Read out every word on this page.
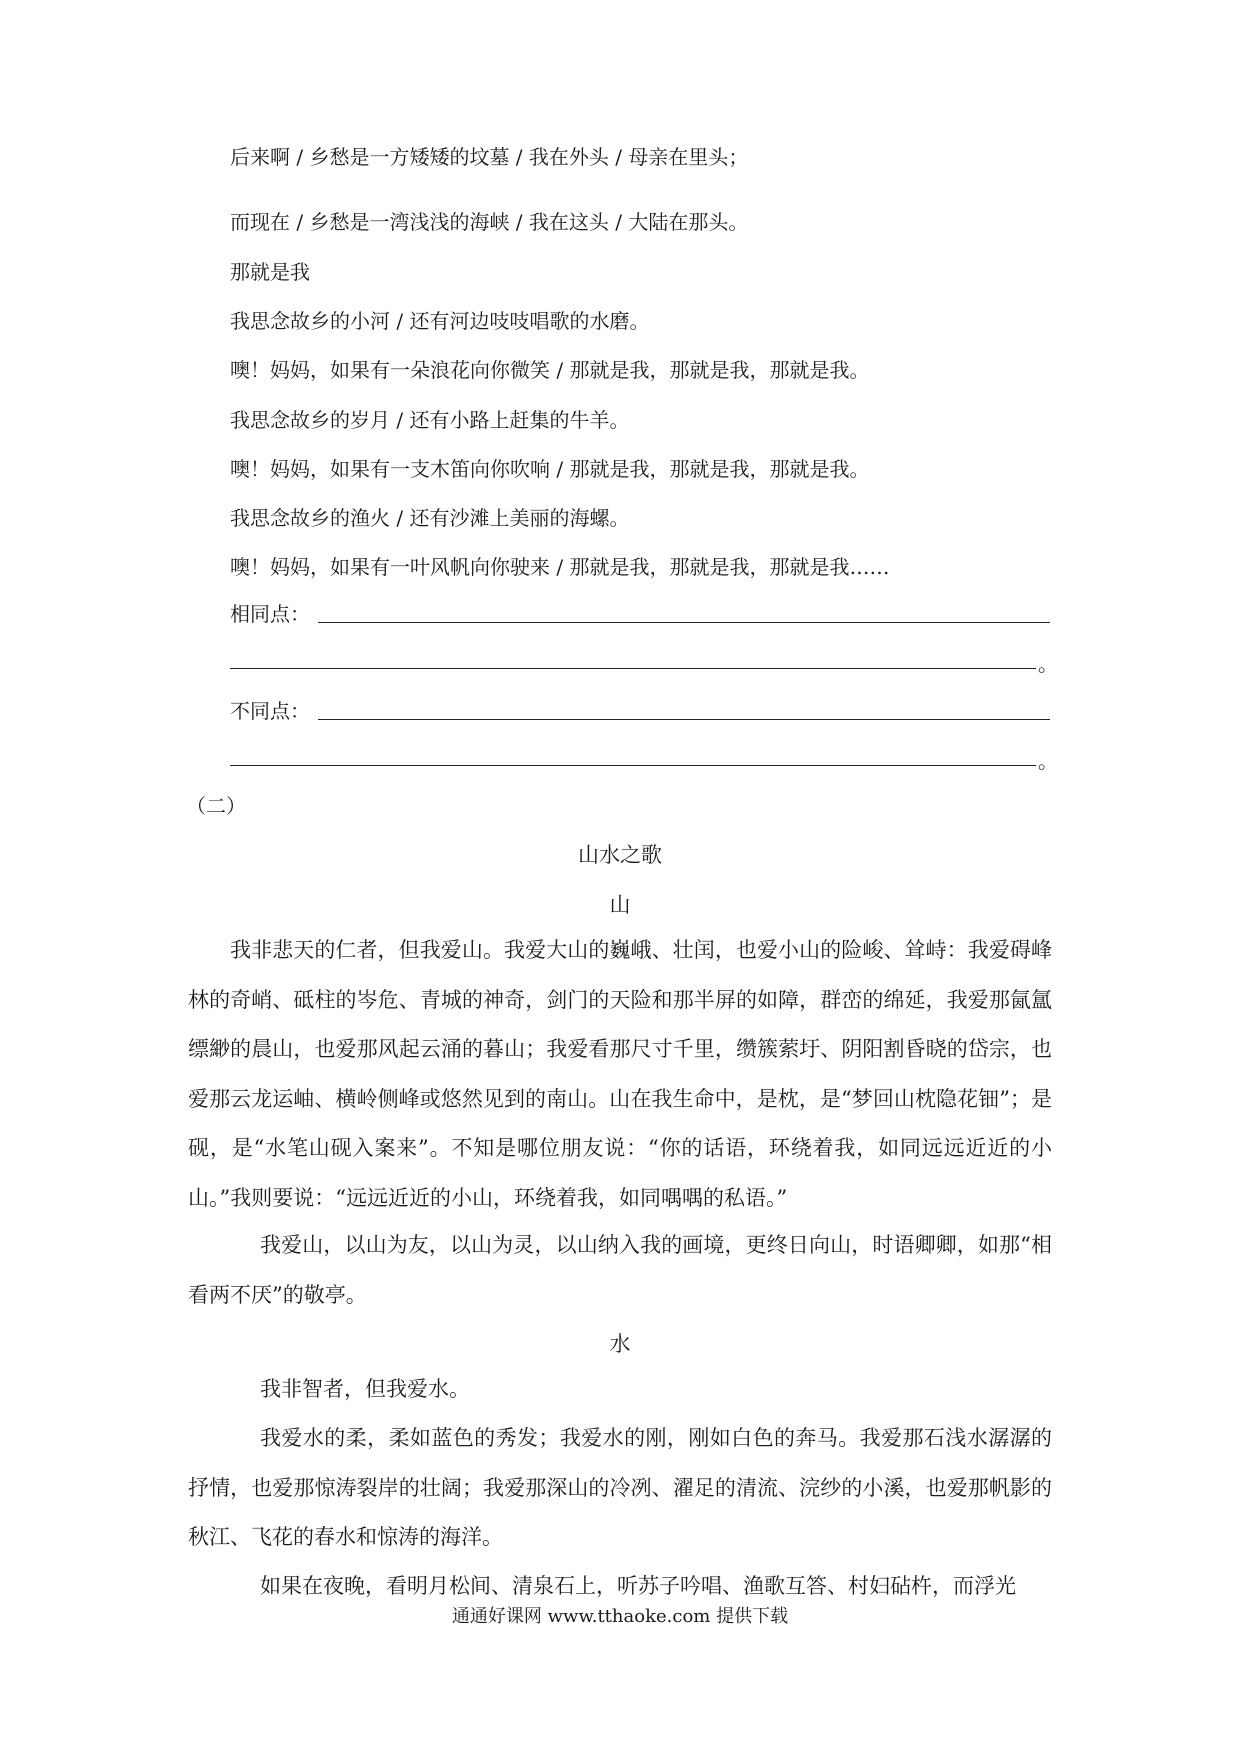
后来啊 / 乡愁是一方矮矮的坟墓 / 我在外头 / 母亲在里头；
而现在 / 乡愁是一湾浅浅的海峡 / 我在这头 / 大陆在那头。
那就是我
我思念故乡的小河 / 还有河边吱吱唱歌的水磨。
噢！妈妈，如果有一朵浪花向你微笑 / 那就是我，那就是我，那就是我。
我思念故乡的岁月 / 还有小路上赶集的牛羊。
噢！妈妈，如果有一支木笛向你吹响 / 那就是我，那就是我，那就是我。
我思念故乡的渔火 / 还有沙滩上美丽的海螺。
噢！妈妈，如果有一叶风帆向你驶来 / 那就是我，那就是我，那就是我……
相同点：
。
不同点：
。
（二）
山水之歌
山
我非悲天的仁者，但我爱山。我爱大山的巍峨、壮闰，也爱小山的险峻、耸峙：我爱碍峰林的奇峭、砥柱的岑危、青城的神奇，剑门的天险和那半屏的如障，群峦的绵延，我爱那氤氲缥緲的晨山，也爱那风起云涌的暮山；我爱看那尺寸千里，缵簇萦圩、阴阳割昏晓的岱宗，也爱那云龙运岫、横岭侧峰或悠然见到的南山。山在我生命中，是枕，是“梦回山枕隐花钿”；是砚，是“水笔山砚入案来”。不知是哪位朋友说：“你的话语，环绕着我，如同远远近近的小山。”我则要说：“远远近近的小山，环绕着我，如同喁喁的私语。”
我爱山，以山为友，以山为灵，以山纳入我的画境，更终日向山，时语卿卿，如那“相看两不厌”的敬亭。
水
我非智者，但我爱水。
我爱水的柔，柔如蓝色的秀发；我爱水的刚，刚如白色的奔马。我爱那石浅水潺潺的抒情，也爱那惊涛裂岸的壮阔；我爱那深山的冷冽、濯足的清流、浣纱的小溪，也爱那帆影的秋江、飞花的春水和惊涛的海洋。
如果在夜晚，看明月松间、清泉石上，听苏子吟唱、渔歌互答、村妇砧杵，而浮光
通通好课网 www.tthaoke.com 提供下载
